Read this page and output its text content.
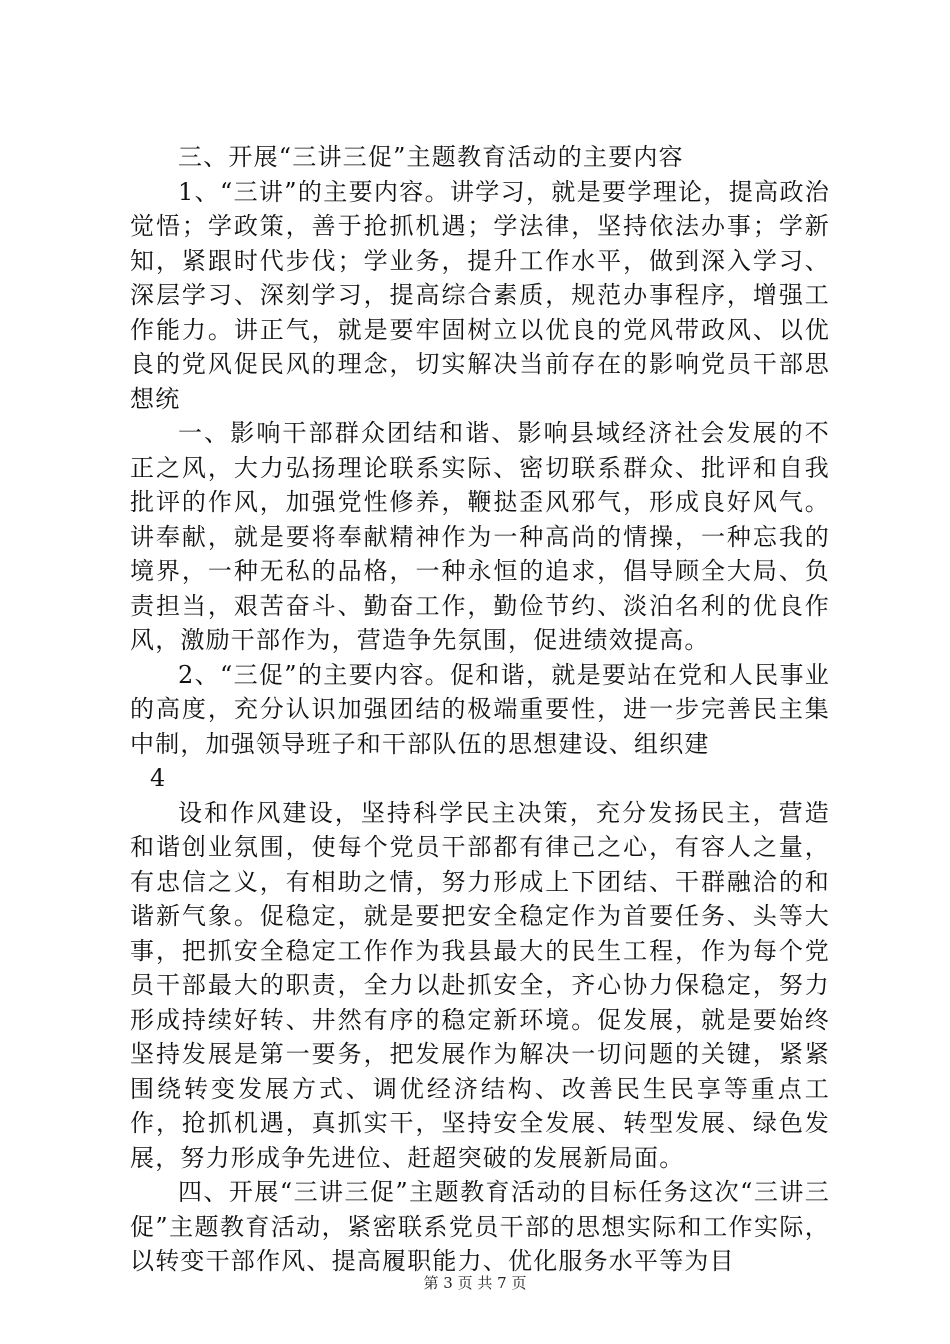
三、开展“三讲三促”主题教育活动的主要内容

1、“三讲”的主要内容。讲学习，就是要学理论，提高政治觉悟；学政策，善于抢抓机遇；学法律，坚持依法办事；学新知，紧跟时代步伐；学业务，提升工作水平，做到深入学习、深层学习、深刻学习，提高综合素质，规范办事程序，增强工作能力。讲正气，就是要牢固树立以优良的党风带政风、以优良的党风促民风的理念，切实解决当前存在的影响党员干部思想统

一、影响干部群众团结和谐、影响县域经济社会发展的不正之风，大力弘扬理论联系实际、密切联系群众、批评和自我批评的作风，加强党性修养，鞭挞歪风邪气，形成良好风气。讲奉献，就是要将奉献精神作为一种高尚的情操，一种忘我的境界，一种无私的品格，一种永恒的追求，倡导顾全大局、负责担当，艰苦奋斗、勤奋工作，勤俭节约、淡泊名利的优良作风，激励干部作为，营造争先氛围，促进绩效提高。

2、“三促”的主要内容。促和谐，就是要站在党和人民事业的高度，充分认识加强团结的极端重要性，进一步完善民主集中制，加强领导班子和干部队伍的思想建设、组织建

4

设和作风建设，坚持科学民主决策，充分发扬民主，营造和谐创业氛围，使每个党员干部都有律己之心，有容人之量，有忠信之义，有相助之情，努力形成上下团结、干群融洽的和谐新气象。促稳定，就是要把安全稳定作为首要任务、头等大事，把抓安全稳定工作作为我县最大的民生工程，作为每个党员干部最大的职责，全力以赴抓安全，齐心协力保稳定，努力形成持续好转、井然有序的稳定新环境。促发展，就是要始终坚持发展是第一要务，把发展作为解决一切问题的关键，紧紧围绕转变发展方式、调优经济结构、改善民生民享等重点工作，抢抓机遇，真抓实干，坚持安全发展、转型发展、绿色发展，努力形成争先进位、赶超突破的发展新局面。

四、开展“三讲三促”主题教育活动的目标任务这次“三讲三促”主题教育活动，紧密联系党员干部的思想实际和工作实际，以转变干部作风、提高履职能力、优化服务水平等为目

第 3 页 共 7 页
